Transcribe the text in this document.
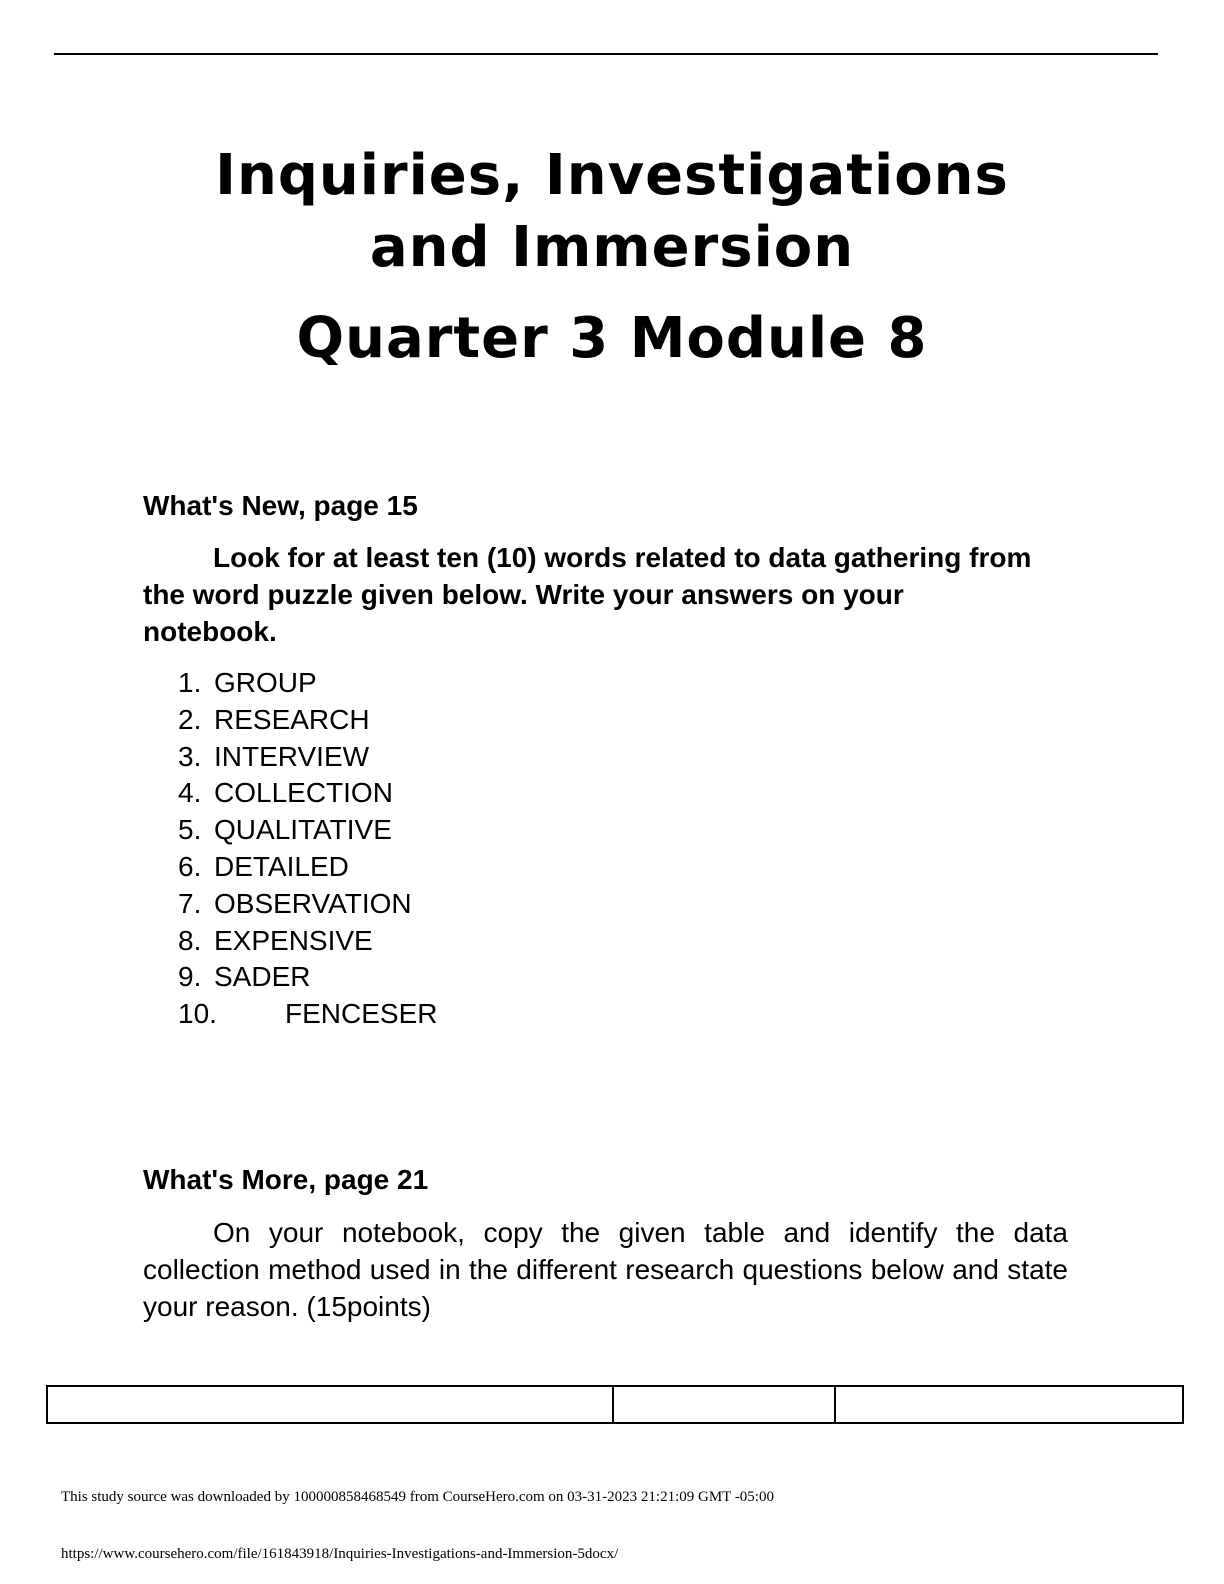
Inquiries, Investigations
and Immersion
Quarter 3 Module 8
What's New, page 15
Look for at least ten (10) words related to data gathering from the word puzzle given below. Write your answers on your notebook.
1. GROUP
2. RESEARCH
3. INTERVIEW
4. COLLECTION
5. QUALITATIVE
6. DETAILED
7. OBSERVATION
8. EXPENSIVE
9. SADER
10.	FENCESER
What's More, page 21
On your notebook, copy the given table and identify the data collection method used in the different research questions below and state your reason. (15points)
This study source was downloaded by 100000858468549 from CourseHero.com on 03-31-2023 21:21:09 GMT -05:00
https://www.coursehero.com/file/161843918/Inquiries-Investigations-and-Immersion-5docx/
